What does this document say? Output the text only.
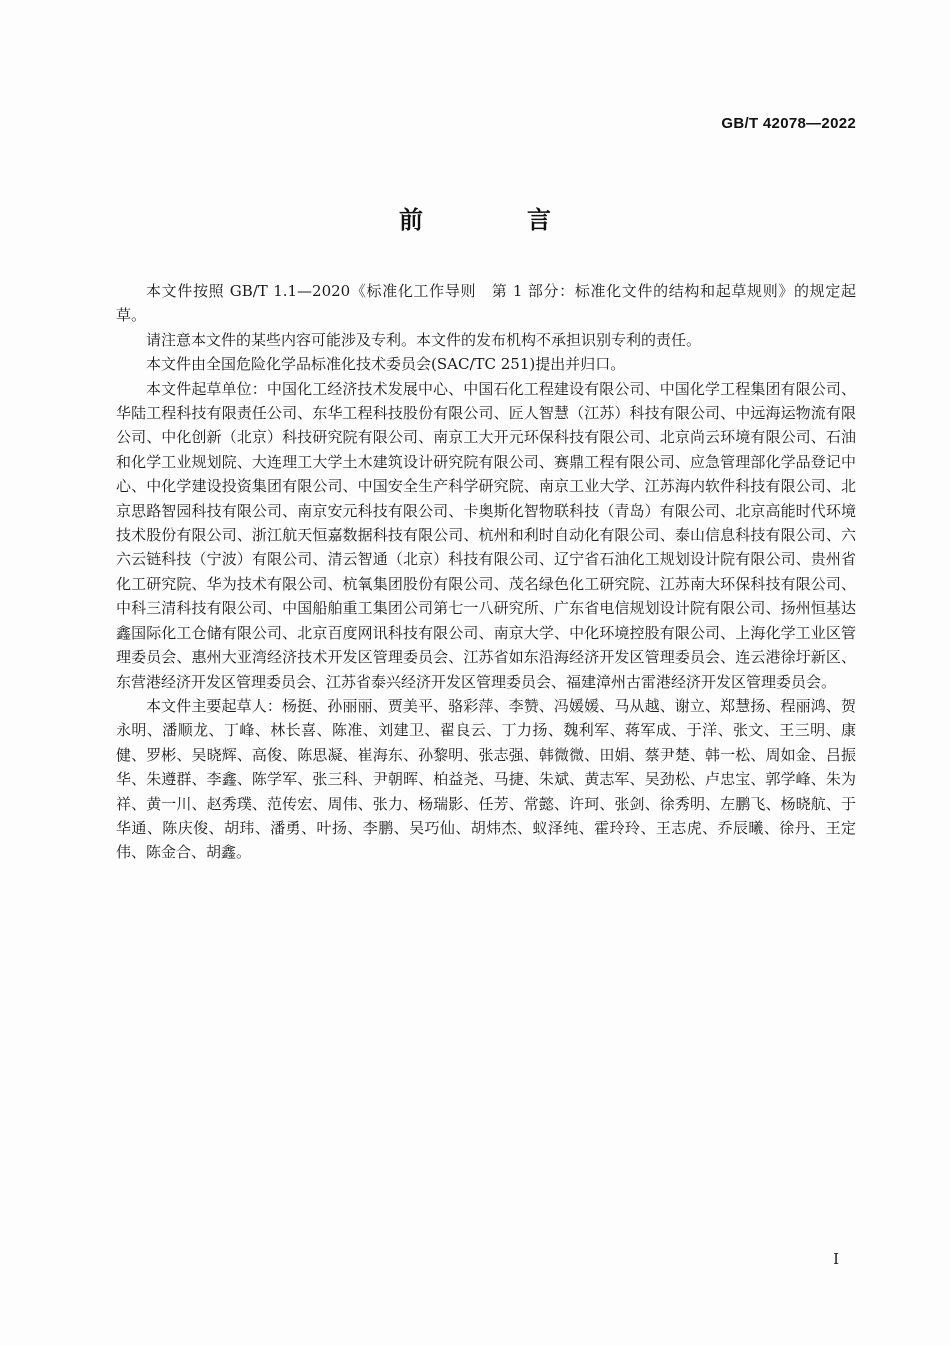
GB/T 42078—2022
前　言

本文件按照 GB/T 1.1—2020《标准化工作导则　第 1 部分：标准化文件的结构和起草规则》的规定起草。

请注意本文件的某些内容可能涉及专利。本文件的发布机构不承担识别专利的责任。

本文件由全国危险化学品标准化技术委员会(SAC/TC 251)提出并归口。

本文件起草单位：中国化工经济技术发展中心、中国石化工程建设有限公司、中国化学工程集团有限公司、华陆工程科技有限责任公司、东华工程科技股份有限公司、匠人智慧（江苏）科技有限公司、中远海运物流有限公司、中化创新（北京）科技研究院有限公司、南京工大开元环保科技有限公司、北京尚云环境有限公司、石油和化学工业规划院、大连理工大学土木建筑设计研究院有限公司、赛鼎工程有限公司、应急管理部化学品登记中心、中化学建设投资集团有限公司、中国安全生产科学研究院、南京工业大学、江苏海内软件科技有限公司、北京思路智园科技有限公司、南京安元科技有限公司、卡奥斯化智物联科技（青岛）有限公司、北京高能时代环境技术股份有限公司、浙江航天恒嘉数据科技有限公司、杭州和利时自动化有限公司、泰山信息科技有限公司、六六云链科技（宁波）有限公司、清云智通（北京）科技有限公司、辽宁省石油化工规划设计院有限公司、贵州省化工研究院、华为技术有限公司、杭氧集团股份有限公司、茂名绿色化工研究院、江苏南大环保科技有限公司、中科三清科技有限公司、中国船舶重工集团公司第七一八研究所、广东省电信规划设计院有限公司、扬州恒基达鑫国际化工仓储有限公司、北京百度网讯科技有限公司、南京大学、中化环境控股有限公司、上海化学工业区管理委员会、惠州大亚湾经济技术开发区管理委员会、江苏省如东沿海经济开发区管理委员会、连云港徐圩新区、东营港经济开发区管理委员会、江苏省泰兴经济开发区管理委员会、福建漳州古雷港经济开发区管理委员会。

本文件主要起草人：杨挺、孙丽丽、贾美平、骆彩萍、李赞、冯媛媛、马从越、谢立、郑慧扬、程丽鸿、贺永明、潘顺龙、丁峰、林长喜、陈准、刘建卫、翟良云、丁力扬、魏利军、蒋军成、于洋、张文、王三明、康健、罗彬、吴晓辉、高俊、陈思凝、崔海东、孙黎明、张志强、韩微微、田娟、蔡尹楚、韩一松、周如金、吕振华、朱遵群、李鑫、陈学军、张三科、尹朝晖、柏益尧、马捷、朱斌、黄志军、吴劲松、卢忠宝、郭学峰、朱为祥、黄一川、赵秀璞、范传宏、周伟、张力、杨瑞影、任芳、常懿、许珂、张剑、徐秀明、左鹏飞、杨晓航、于华通、陈庆俊、胡玮、潘勇、叶扬、李鹏、吴巧仙、胡炜杰、蚁泽纯、霍玲玲、王志虎、乔辰曦、徐丹、王定伟、陈金合、胡鑫。

I
